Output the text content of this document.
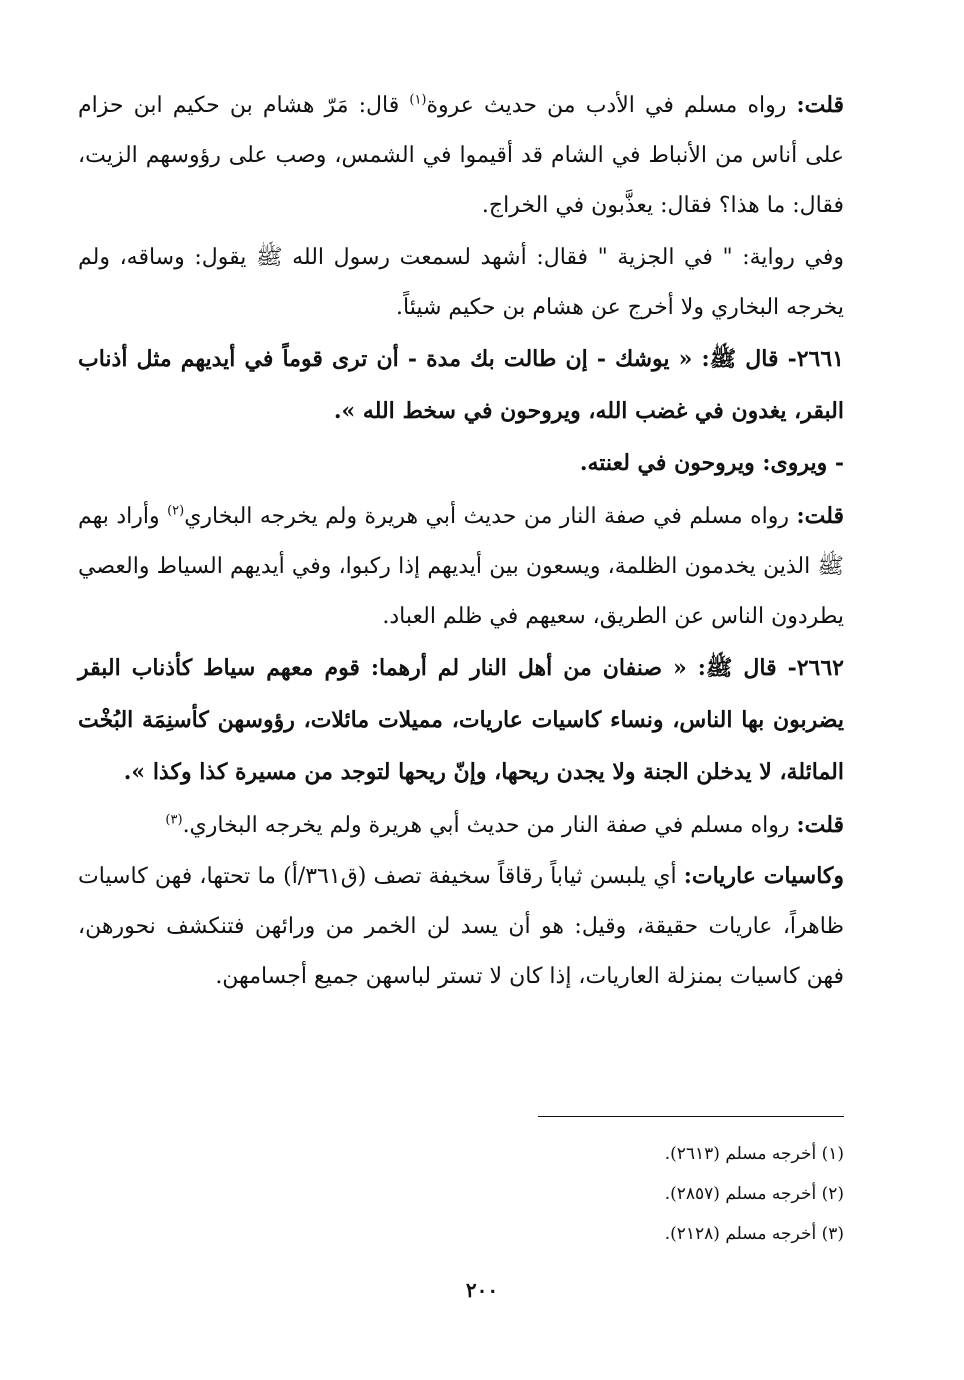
قلت: رواه مسلم في الأدب من حديث عروة$^{(١)}$ قال: مَرّ هشام بن حكيم ابن حزام على أناس من الأنباط في الشام قد أقيموا في الشمس، وصب على رؤوسهم الزيت، فقال: ما هذا؟ فقال: يعذَّبون في الخراج.

وفي رواية: " في الجزية " فقال: أشهد لسمعت رسول الله ﷺ يقول: وساقه، ولم يخرجه البخاري ولا أخرج عن هشام بن حكيم شيئاً.

٢٦٦١- قال ﷺ: « يوشك - إن طالت بك مدة - أن ترى قوماً في أيديهم مثل أذناب البقر، يغدون في غضب الله، ويروحون في سخط الله ».

- ويروى: ويروحون في لعنته.

قلت: رواه مسلم في صفة النار من حديث أبي هريرة ولم يخرجه البخاري$^{(٢)}$ وأراد بهم ﷺ الذين يخدمون الظلمة، ويسعون بين أيديهم إذا ركبوا، وفي أيديهم السياط والعصي يطردون الناس عن الطريق، سعيهم في ظلم العباد.

٢٦٦٢- قال ﷺ: « صنفان من أهل النار لم أرهما: قوم معهم سياط كأذناب البقر يضربون بها الناس، ونساء كاسيات عاريات، مميلات مائلات، رؤوسهن كأسنِمَة البُخْت المائلة، لا يدخلن الجنة ولا يجدن ريحها، وإنّ ريحها لتوجد من مسيرة كذا وكذا ».

قلت: رواه مسلم في صفة النار من حديث أبي هريرة ولم يخرجه البخاري.$^{(٣)}$

وكاسيات عاريات: أي يلبسن ثياباً رقاقاً سخيفة تصف (ق٣٦١/أ) ما تحتها، فهن كاسيات ظاهراً، عاريات حقيقة، وقيل: هو أن يسد لن الخمر من ورائهن فتنكشف نحورهن، فهن كاسيات بمنزلة العاريات، إذا كان لا تستر لباسهن جميع أجسامهن.

(١) أخرجه مسلم (٢٦١٣).
(٢) أخرجه مسلم (٢٨٥٧).
(٣) أخرجه مسلم (٢١٢٨).
٢٠٠
